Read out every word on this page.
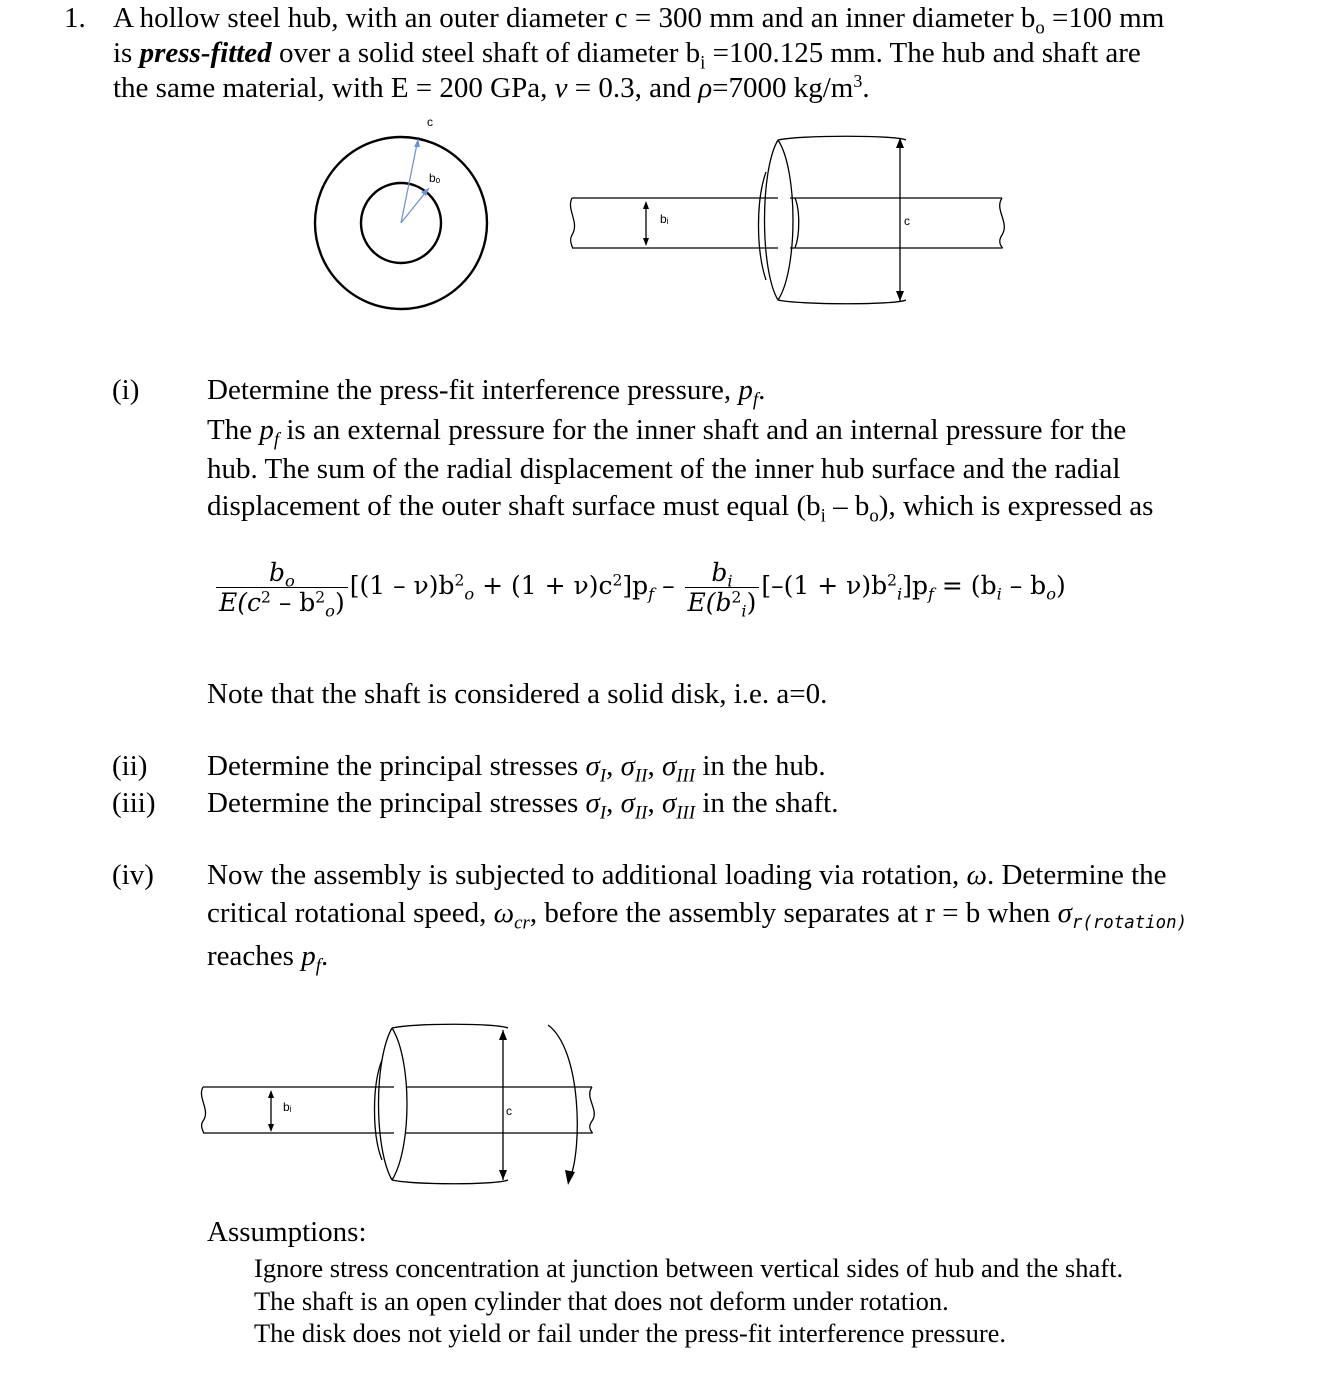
1. A hollow steel hub, with an outer diameter c = 300 mm and an inner diameter $b_o =100$ mm
is press-fitted over a solid steel shaft of diameter $b_i =100.125$ mm. The hub and shaft are
the same material, with E = 200 GPa, ν = 0.3, and ρ=7000 $kg/m^3$.
c
bₒ
bᵢ	c
(i) Determine the press-fit interference pressure, $p_f$.
The $p_f$ is an external pressure for the inner shaft and an internal pressure for the
hub. The sum of the radial displacement of the inner hub surface and the radial
displacement of the outer shaft surface must equal $(b_i - b_o)$, which is expressed as
$\frac{b_o}{E(c^2 - b^2_o)} [(1 - \nu)b^2_o + (1 + \nu)c^2]p_f - \frac{b_i}{E(b^2_i)} [-(1 + \nu)b^2_i]p_f = (b_i - b_o)$
Note that the shaft is considered a solid disk, i.e. a=0.
(ii) Determine the principal stresses $\sigma_I$, $\sigma_{II}$, $\sigma_{III}$ in the hub.
(iii) Determine the principal stresses $\sigma_I$, $\sigma_{II}$, $\sigma_{III}$ in the shaft.
(iv) Now the assembly is subjected to additional loading via rotation, ω. Determine the
critical rotational speed, $\omega_{cr}$, before the assembly separates at r = b when $\sigma_{r(rotation)}$
reaches $p_f$.
bᵢ	c
Assumptions:
Ignore stress concentration at junction between vertical sides of hub and the shaft.
The shaft is an open cylinder that does not deform under rotation.
The disk does not yield or fail under the press-fit interference pressure.
